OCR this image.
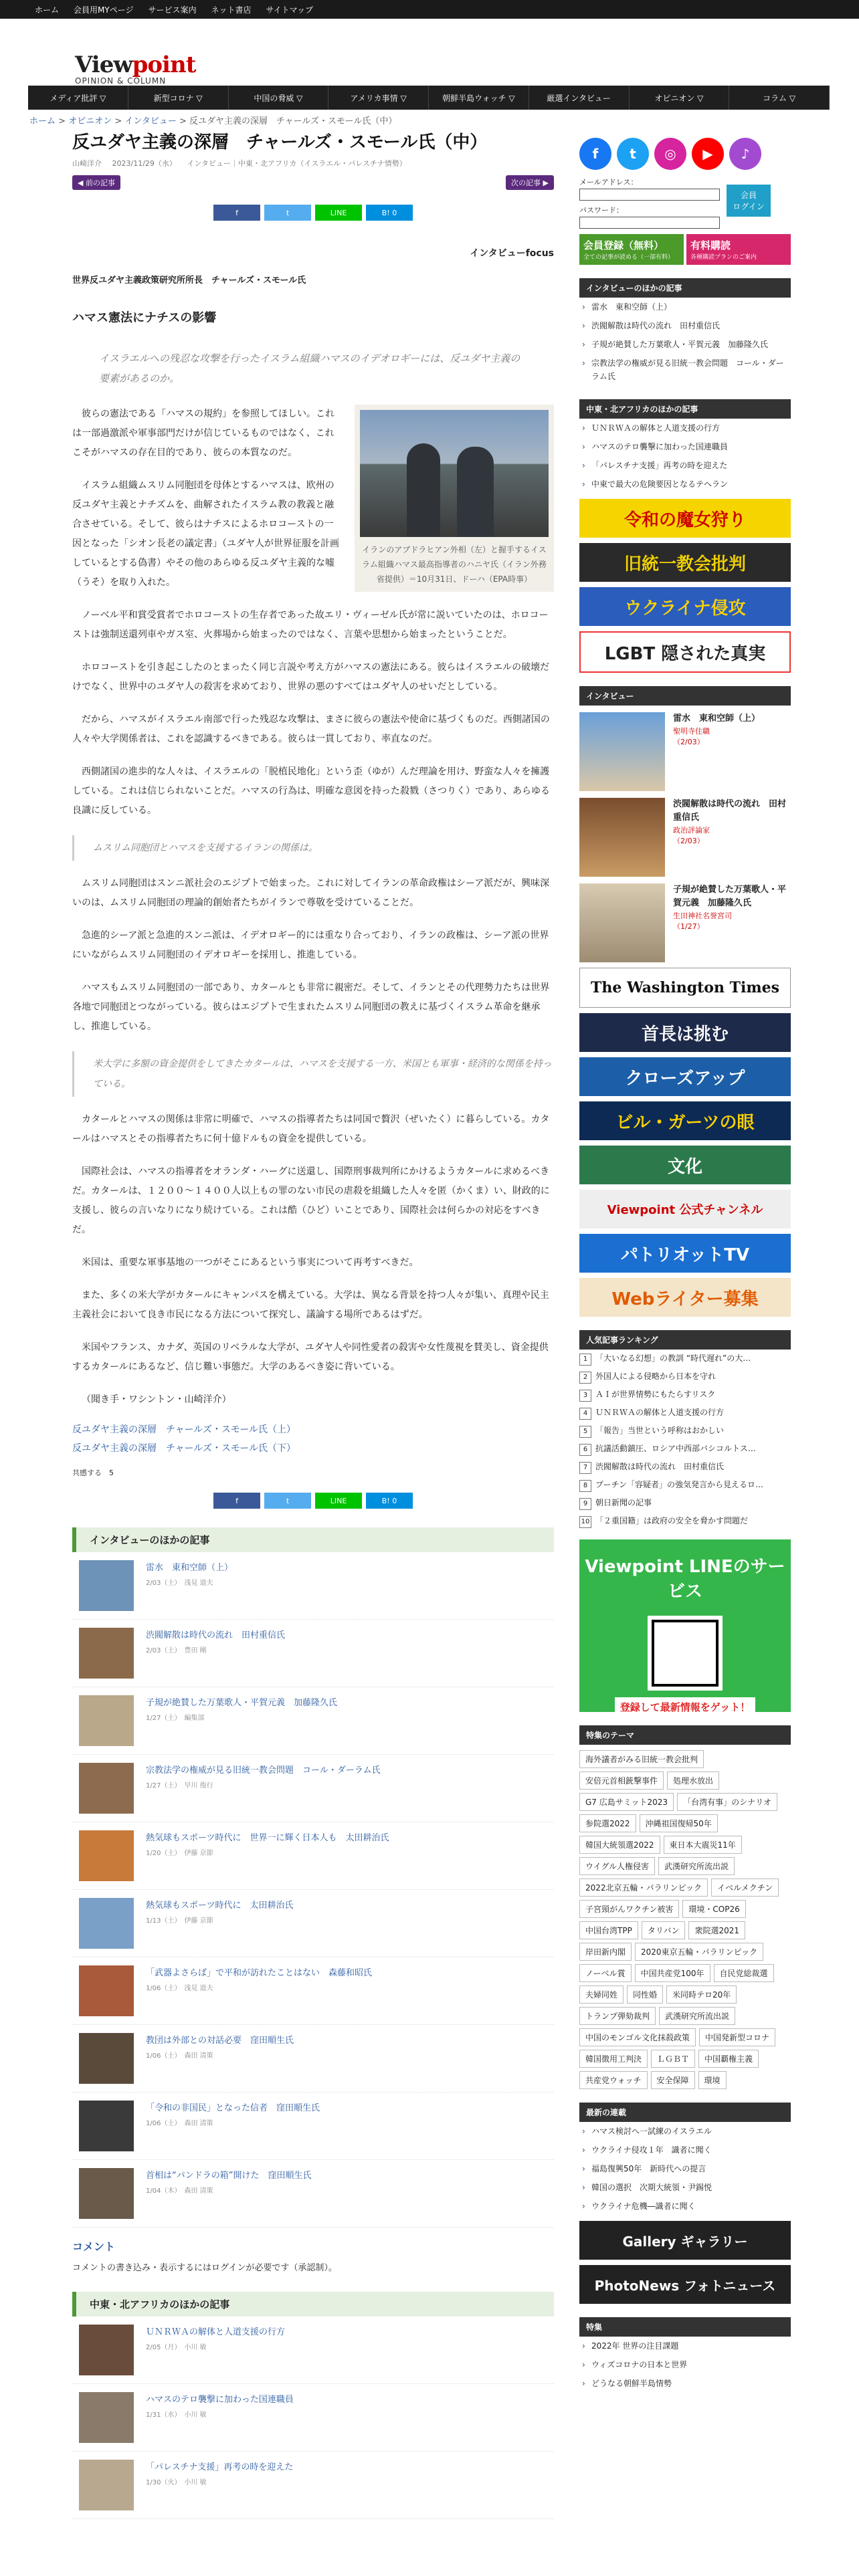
ホーム 会員用MYページ サービス案内 ネット書店 サイトマップ
Viewpoint
OPINION & COLUMN
メディア批評 ▽	新型コロナ ▽	中国の脅威 ▽	アメリカ事情 ▽	朝鮮半島ウォッチ ▽	厳選インタビュー	オピニオン ▽	コラム ▽
ホーム > オピニオン > インタビュー > 反ユダヤ主義の深層　チャールズ・スモール氏（中）
反ユダヤ主義の深層　チャールズ・スモール氏（中）
山崎洋介 2023/11/29（水） インタビュー｜中東・北アフリカ（イスラエル・パレスチナ情勢）
◀ 前の記事	次の記事 ▶
f	t	LINE	B! 0
インタビューfocus
世界反ユダヤ主義政策研究所所長　チャールズ・スモール氏
ハマス憲法にナチスの影響
イスラエルへの残忍な攻撃を行ったイスラム組織ハマスのイデオロギーには、反ユダヤ主義の要素があるのか。
イランのアブドラヒアン外相（左）と握手するイスラム組織ハマス最高指導者のハニヤ氏（イラン外務省提供）＝10月31日、ドーハ（EPA時事）
彼らの憲法である「ハマスの規約」を参照してほしい。これは一部過激派や軍事部門だけが信じているものではなく、これこそがハマスの存在目的であり、彼らの本質なのだ。
イスラム組織ムスリム同胞団を母体とするハマスは、欧州の反ユダヤ主義とナチズムを、曲解されたイスラム教の教義と融合させている。そして、彼らはナチスによるホロコーストの一因となった「シオン長老の議定書」（ユダヤ人が世界征服を計画しているとする偽書）やその他のあらゆる反ユダヤ主義的な嘘（うそ）を取り入れた。
ノーベル平和賞受賞者でホロコーストの生存者であった故エリ・ヴィーゼル氏が常に説いていたのは、ホロコーストは強制送還列車やガス室、火葬場から始まったのではなく、言葉や思想から始まったということだ。
ホロコーストを引き起こしたのとまったく同じ言説や考え方がハマスの憲法にある。彼らはイスラエルの破壊だけでなく、世界中のユダヤ人の殺害を求めており、世界の悪のすべてはユダヤ人のせいだとしている。
だから、ハマスがイスラエル南部で行った残忍な攻撃は、まさに彼らの憲法や使命に基づくものだ。西側諸国の人々や大学関係者は、これを認識するべきである。彼らは一貫しており、率直なのだ。
西側諸国の進歩的な人々は、イスラエルの「脱植民地化」という歪（ゆが）んだ理論を用け、野蛮な人々を擁護している。これは信じられないことだ。ハマスの行為は、明確な意図を持った殺戮（さつりく）であり、あらゆる良識に反している。
ムスリム同胞団とハマスを支援するイランの関係は。
ムスリム同胞団はスンニ派社会のエジプトで始まった。これに対してイランの革命政権はシーア派だが、興味深いのは、ムスリム同胞団の理論的創始者たちがイランで尊敬を受けていることだ。
急進的シーア派と急進的スンニ派は、イデオロギー的には重なり合っており、イランの政権は、シーア派の世界にいながらムスリム同胞団のイデオロギーを採用し、推進している。
ハマスもムスリム同胞団の一部であり、カタールとも非常に親密だ。そして、イランとその代理勢力たちは世界各地で同胞団とつながっている。彼らはエジプトで生まれたムスリム同胞団の教えに基づくイスラム革命を継承し、推進している。
米大学に多額の資金提供をしてきたカタールは、ハマスを支援する一方、米国とも軍事・経済的な関係を持っている。
カタールとハマスの関係は非常に明確で、ハマスの指導者たちは同国で贅沢（ぜいたく）に暮らしている。カタールはハマスとその指導者たちに何十億ドルもの資金を提供している。
国際社会は、ハマスの指導者をオランダ・ハーグに送還し、国際刑事裁判所にかけるようカタールに求めるべきだ。カタールは、１２００～１４００人以上もの罪のない市民の虐殺を組織した人々を匿（かくま）い、財政的に支援し、彼らの言いなりになり続けている。これは酷（ひど）いことであり、国際社会は何らかの対応をすべきだ。
米国は、重要な軍事基地の一つがそこにあるという事実について再考すべきだ。
また、多くの米大学がカタールにキャンパスを構えている。大学は、異なる背景を持つ人々が集い、真理や民主主義社会において良き市民になる方法について探究し、議論する場所であるはずだ。
米国やフランス、カナダ、英国のリベラルな大学が、ユダヤ人や同性愛者の殺害や女性蔑視を賛美し、資金提供するカタールにあるなど、信じ難い事態だ。大学のあるべき姿に背いている。
（聞き手・ワシントン・山崎洋介）
反ユダヤ主義の深層　チャールズ・スモール氏（上）
反ユダヤ主義の深層　チャールズ・スモール氏（下）
共感する　5
f	t	LINE	B! 0
インタビューのほかの記事
雷水　東和空師（上）
2/03（土）　浅見 道夫
渋閥解散は時代の流れ　田村重信氏
2/03（土）　豊田 剛
子規が絶賛した万葉歌人・平賀元義　加藤隆久氏
1/27（土）　編集部
宗教法学の権威が見る旧統一教会問題　コール・ダーラム氏
1/27（土）　早川 俊行
熱気球もスポーツ時代に　世界一に輝く日本人も　太田耕治氏
1/20（土）　伊藤 京節
熱気球もスポーツ時代に　太田耕治氏
1/13（土）　伊藤 京節
「武器よさらば」で平和が訪れたことはない　森藤和昭氏
1/06（土）　浅見 道夫
教団は外部との対話必要　窪田順生氏
1/06（土）　森田 清策
「令和の非国民」となった信者　窪田順生氏
1/06（土）　森田 清策
首相は“パンドラの箱”開けた　窪田順生氏
1/04（木）　森田 清策
コメント
コメントの書き込み・表示するにはログインが必要です（承認制）。
中東・北アフリカのほかの記事
ＵＮＲＷＡの解体と人道支援の行方
2/05（月）　小川 敏
ハマスのテロ襲撃に加わった国連職員
1/31（水）　小川 敏
「パレスチナ支援」再考の時を迎えた
1/30（火）　小川 敏
f	t	◎	▶	♪
メールアドレス：
パスワード：
会員
ログイン
会員登録（無料）
全ての記事が読める（一部有料）
有料購読
各種購読プランのご案内
インタビューのほかの記事
› 雷水　東和空師（上）
› 渋閥解散は時代の流れ　田村重信氏
› 子規が絶賛した万葉歌人・平賀元義　加藤隆久氏
› 宗教法学の権威が見る旧統一教会問題　コール・ダーラム氏
中東・北アフリカのほかの記事
› ＵＮＲＷＡの解体と人道支援の行方
› ハマスのテロ襲撃に加わった国連職員
› 「パレスチナ支援」再考の時を迎えた
› 中東で最大の危険要因となるテヘラン
令和の魔女狩り
旧統一教会批判
ウクライナ侵攻
LGBT 隠された真実
インタビュー
雷水　東和空師（上）
聖明寺住職
（2/03）
渋閥解散は時代の流れ　田村重信氏
政治評論家
（2/03）
子規が絶賛した万葉歌人・平賀元義　加藤隆久氏
生田神社名誉宮司
（1/27）
The Washington Times
首長は挑む
クローズアップ
ビル・ガーツの眼
文化
Viewpoint 公式チャンネル
パトリオットTV
Webライター募集
人気記事ランキング
1 「大いなる幻想」の教訓 “時代遅れ”の大…
2 外国人による侵略から日本を守れ
3 ＡＩが世界情勢にもたらすリスク
4 ＵＮＲＷＡの解体と人道支援の行方
5 「報告」当世という呼称はおかしい
6 抗議活動鎮圧、ロシア中西部バシコルトス…
7 渋閥解散は時代の流れ　田村重信氏
8 プーチン「容疑者」の強気発言から見えるロ…
9 朝日新聞の記事
10 「２重国籍」は政府の安全を脅かす問題だ
Viewpoint LINEのサービス
登録して最新情報をゲット！
特集のテーマ
海外議者がみる旧統一教会批判
安倍元首相銃撃事件	処理水放出
G7 広島サミット2023	「台湾有事」のシナリオ
参院選2022	沖縄祖国復帰50年
韓国大統領選2022	東日本大震災11年
ウイグル人権侵害	武漢研究所流出説
2022北京五輪・パラリンピック	イベルメクチン
子宮頸がんワクチン被害	環境・COP26
中国台湾TPP	タリバン	衆院選2021
岸田新内閣	2020東京五輪・パラリンピック
ノーベル賞	中国共産党100年	自民党総裁選
夫婦同姓	同性婚	米同時テロ20年
トランプ弾劾裁判	武漢研究所流出説
中国のモンゴル文化抹殺政策	中国発新型コロナ
韓国徴用工判決	ＬＧＢＴ	中国覇権主義
共産党ウォッチ	安全保障	環境
最新の連載
› ハマス検討へ一試練のイスラエル
› ウクライナ侵攻１年　識者に聞く
› 福島復興50年　新時代への提言
› 韓国の選択　次期大統領・尹錫悦
› ウクライナ危機―識者に聞く
Gallery ギャラリー
PhotoNews フォトニュース
特集
› 2022年 世界の注目課題
› ウィズコロナの日本と世界
› どうなる朝鮮半島情勢
